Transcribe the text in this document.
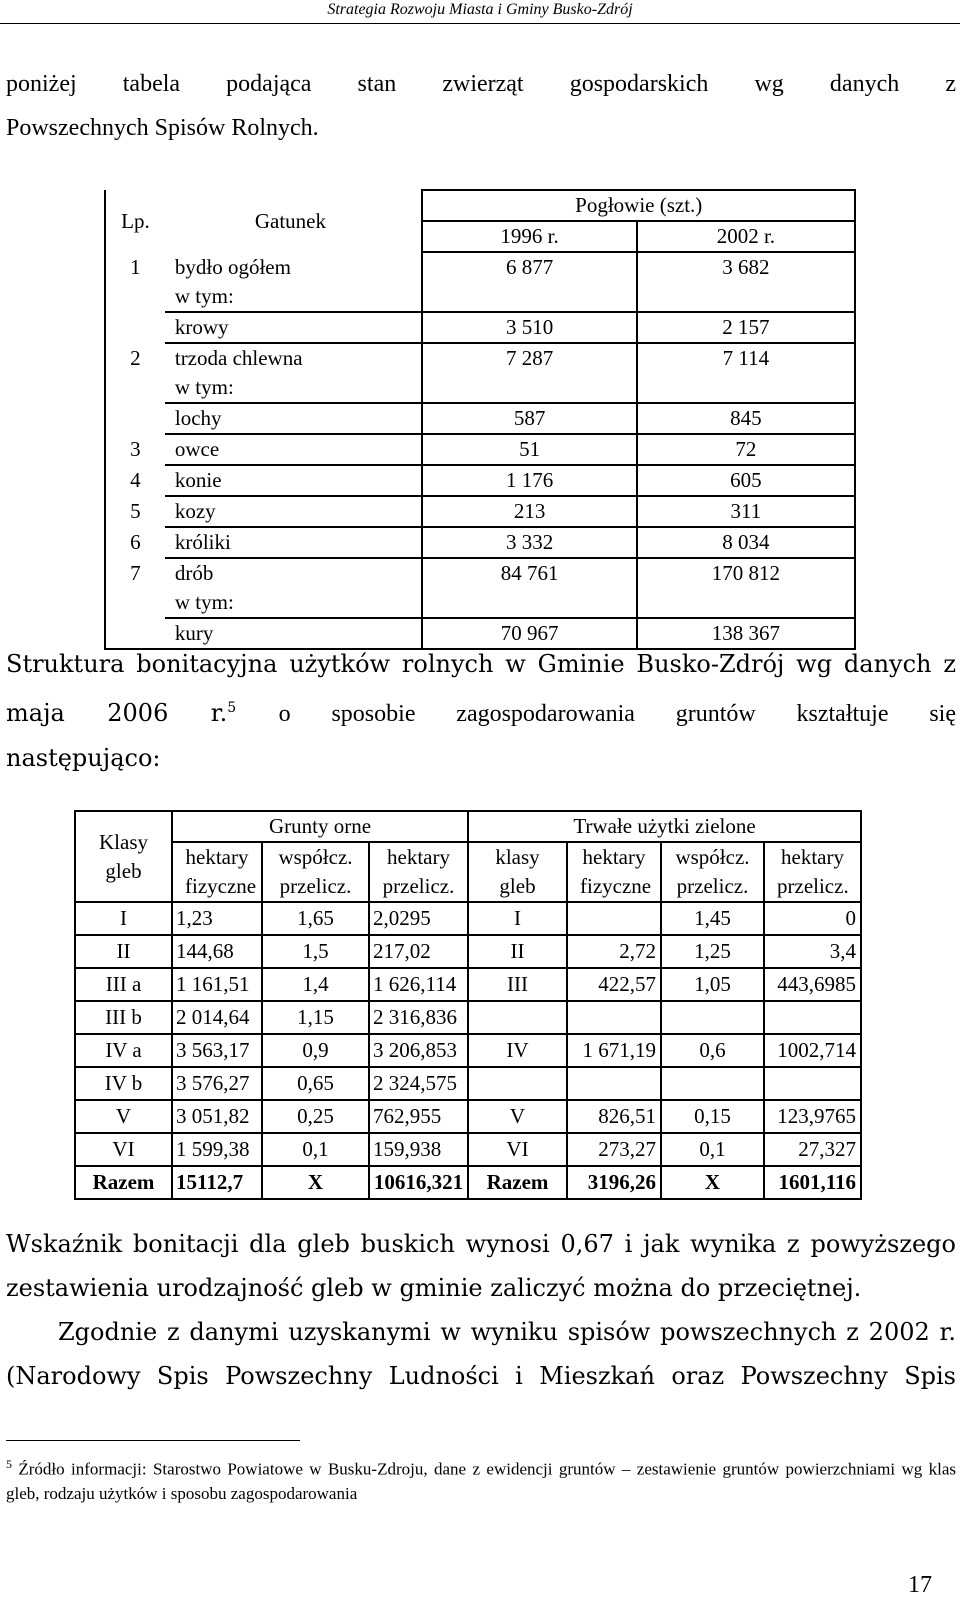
Strategia Rozwoju Miasta i Gminy Busko-Zdrój
poniżej tabela podająca stan zwierząt gospodarskich wg danych z
Powszechnych Spisów Rolnych.
Lp.	Gatunek	Pogłowie (szt.)	
		1996 r.	2002 r.
1	bydło ogółem	6 877	3 682
	w tym:		
	krowy	3 510	2 157
2	trzoda chlewna	7 287	7 114
	w tym:		
	lochy	587	845
3	owce	51	72
4	konie	1 176	605
5	kozy	213	311
6	króliki	3 332	8 034
7	drób	84 761	170 812
	w tym:		
	kury	70 967	138 367
Struktura bonitacyjna użytków rolnych w Gminie Busko-Zdrój wg danych z
maja 2006 r.$^5$ o sposobie zagospodarowania gruntów kształtuje się
następująco:
Klasy gleb	Grunty orne			Trwałe użytki zielone			
	hektary fizyczne	współcz. przelicz.	hektary przelicz.	klasy gleb	hektary fizyczne	współcz. przelicz.	hektary przelicz.
I	1,23	1,65	2,0295	I		1,45	0
II	144,68	1,5	217,02	II	2,72	1,25	3,4
III a	1 161,51	1,4	1 626,114	III	422,57	1,05	443,6985
III b	2 014,64	1,15	2 316,836				
IV a	3 563,17	0,9	3 206,853	IV	1 671,19	0,6	1002,714
IV b	3 576,27	0,65	2 324,575				
V	3 051,82	0,25	762,955	V	826,51	0,15	123,9765
VI	1 599,38	0,1	159,938	VI	273,27	0,1	27,327
Razem	15112,7	X	10616,321	Razem	3196,26	X	1601,116
Wskaźnik bonitacji dla gleb buskich wynosi 0,67 i jak wynika z powyższego
zestawienia urodzajność gleb w gminie zaliczyć można do przeciętnej.
Zgodnie z danymi uzyskanymi w wyniku spisów powszechnych z 2002 r.
(Narodowy Spis Powszechny Ludności i Mieszkań oraz Powszechny Spis
$^5$ Źródło informacji: Starostwo Powiatowe w Busku-Zdroju, dane z ewidencji gruntów – zestawienie gruntów powierzchniami wg klas gleb, rodzaju użytków i sposobu zagospodarowania
17
